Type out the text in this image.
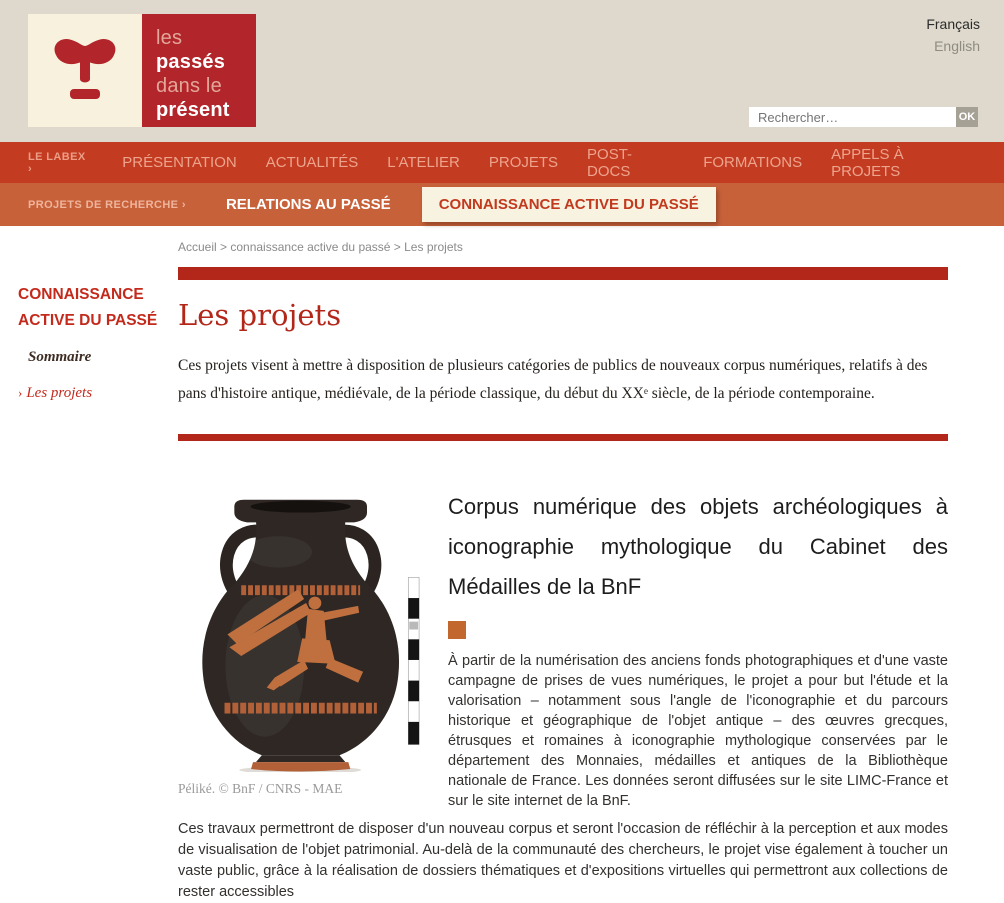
les
passés
dans le
présent
Français
English
Rechercher…
OK
LE LABEX ›	PRÉSENTATION ACTUALITÉS L'ATELIER PROJETS POST-DOCS	FORMATIONS APPELS À PROJETS
PROJETS DE RECHERCHE ›	RELATIONS AU PASSÉ	CONNAISSANCE ACTIVE DU PASSÉ
Accueil > connaissance active du passé > Les projets
CONNAISSANCE ACTIVE DU PASSÉ
Sommaire
› Les projets
Les projets

Ces projets visent à mettre à disposition de plusieurs catégories de publics de nouveaux corpus numériques, relatifs à des pans d'histoire antique, médiévale, de la période classique, du début du XXᵉ siècle, de la période contemporaine.

Péliké. © BnF / CNRS - MAE
Corpus numérique des objets archéologiques à iconographie mythologique du Cabinet des Médailles de la BnF

À partir de la numérisation des anciens fonds photographiques et d'une vaste campagne de prises de vues numériques, le projet a pour but l'étude et la valorisation – notamment sous l'angle de l'iconographie et du parcours historique et géographique de l'objet antique – des œuvres grecques, étrusques et romaines à iconographie mythologique conservées par le département des Monnaies, médailles et antiques de la Bibliothèque nationale de France. Les données seront diffusées sur le site LIMC-France et sur le site internet de la BnF.

Ces travaux permettront de disposer d'un nouveau corpus et seront l'occasion de réfléchir à la perception et aux modes de visualisation de l'objet patrimonial. Au-delà de la communauté des chercheurs, le projet vise également à toucher un vaste public, grâce à la réalisation de dossiers thématiques et d'expositions virtuelles qui permettront aux collections de rester accessibles
